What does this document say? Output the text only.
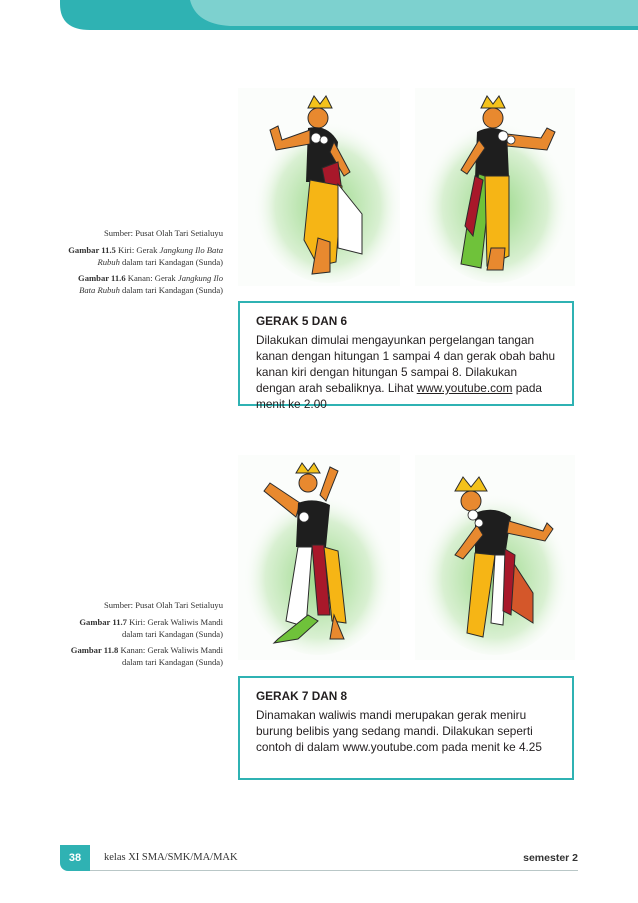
Sumber: Pusat Olah Tari Setialuyu
Gambar 11.5 Kiri: Gerak Jangkung Ilo Bata Rubuh dalam tari Kandagan (Sunda)
Gambar 11.6 Kanan: Gerak Jangkung Ilo Bata Rubuh dalam tari Kandagan (Sunda)
GERAK 5 DAN 6
Dilakukan dimulai mengayunkan pergelangan tangan kanan dengan hitungan 1 sampai 4 dan gerak obah bahu kanan kiri dengan hitungan 5 sampai 8. Dilakukan dengan arah sebaliknya. Lihat www.youtube.com pada menit ke 2.00
Sumber: Pusat Olah Tari Setialuyu
Gambar 11.7 Kiri: Gerak Waliwis Mandi dalam tari Kandagan (Sunda)
Gambar 11.8 Kanan: Gerak Waliwis Mandi dalam tari Kandagan (Sunda)
GERAK 7 DAN 8
Dinamakan waliwis mandi merupakan gerak meniru burung belibis yang sedang mandi. Dilakukan seperti contoh di dalam www.youtube.com pada menit ke 4.25
38	kelas XI SMA/SMK/MA/MAK	semester 2
